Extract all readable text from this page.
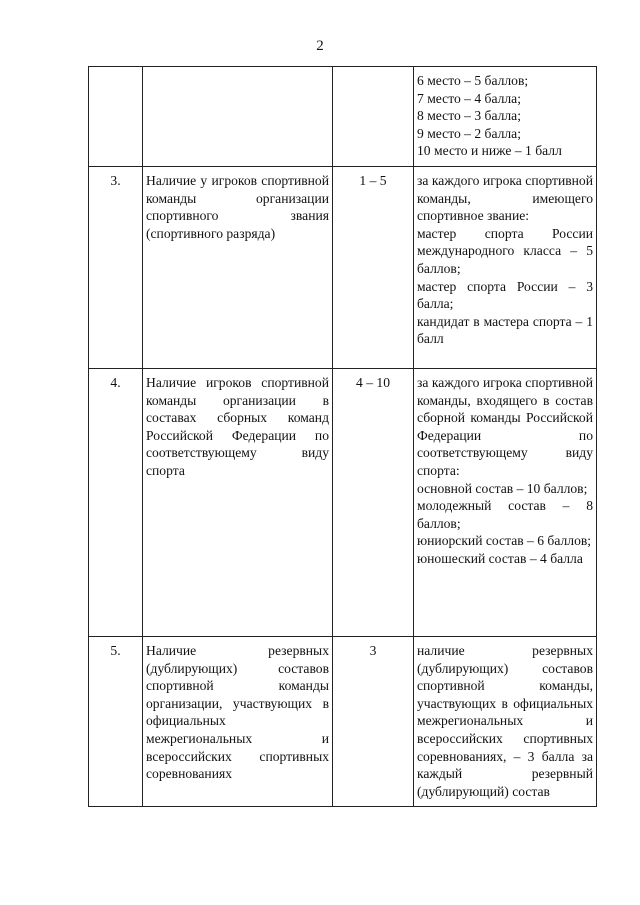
2

			6 место – 5 баллов;
7 место – 4 балла;
8 место – 3 балла;
9 место – 2 балла;
10 место и ниже – 1 балл

3.	Наличие у игроков спортивной команды организации спортивного звания (спортивного разряда)	1 – 5	за каждого игрока спортивной команды, имеющего спортивное звание:
мастер спорта России международного класса – 5 баллов;
мастер спорта России – 3 балла;
кандидат в мастера спорта – 1 балл

4.	Наличие игроков спортивной команды организации в составах сборных команд Российской Федерации по соответствующему виду спорта	4 – 10	за каждого игрока спортивной команды, входящего в состав сборной команды Российской Федерации по соответствующему виду спорта:
основной состав – 10 баллов;
молодежный состав – 8 баллов;
юниорский состав – 6 баллов;
юношеский состав – 4 балла

5.	Наличие резервных (дублирующих) составов спортивной команды организации, участвующих в официальных межрегиональных и всероссийских спортивных соревнованиях	3	наличие резервных (дублирующих) составов спортивной команды, участвующих в официальных межрегиональных и всероссийских спортивных соревнованиях, – 3 балла за каждый резервный (дублирующий) состав
